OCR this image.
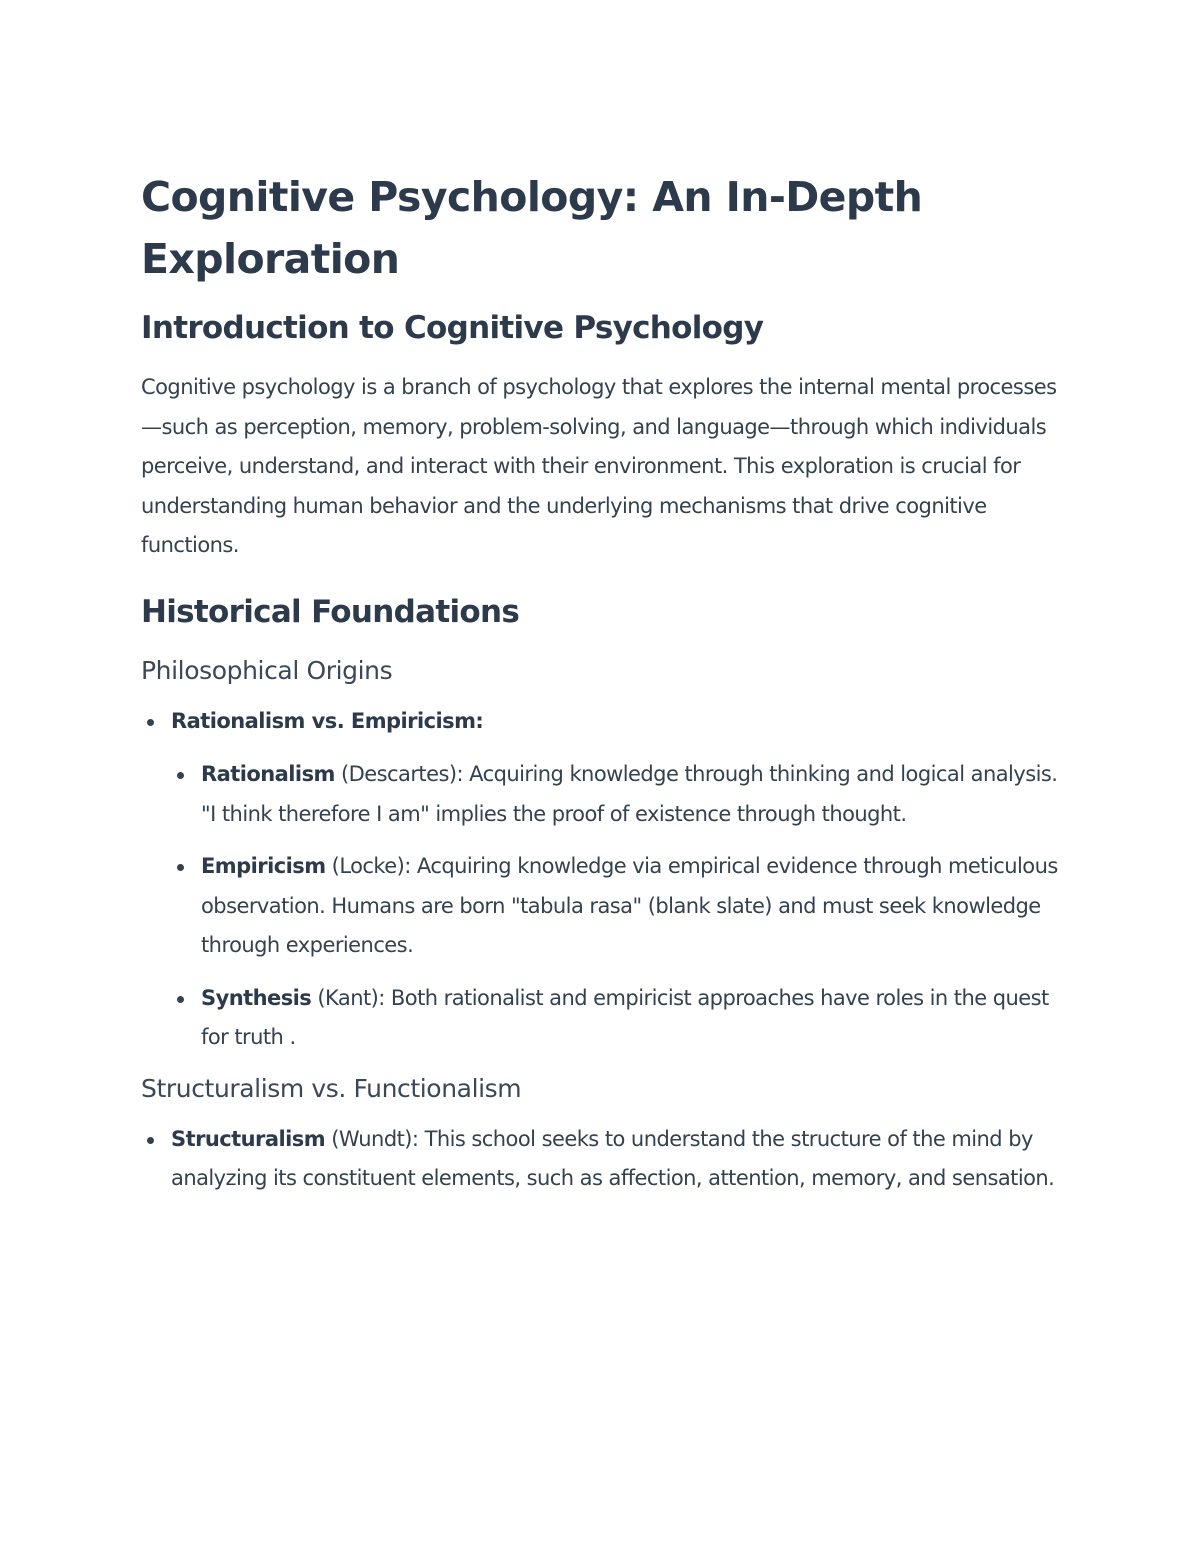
Cognitive Psychology: An In-Depth Exploration
Introduction to Cognitive Psychology

Cognitive psychology is a branch of psychology that explores the internal mental processes—such as perception, memory, problem-solving, and language—through which individuals perceive, understand, and interact with their environment. This exploration is crucial for understanding human behavior and the underlying mechanisms that drive cognitive functions.

Historical Foundations
Philosophical Origins
Rationalism vs. Empiricism:
Rationalism (Descartes): Acquiring knowledge through thinking and logical analysis. "I think therefore I am" implies the proof of existence through thought.
Empiricism (Locke): Acquiring knowledge via empirical evidence through meticulous observation. Humans are born "tabula rasa" (blank slate) and must seek knowledge through experiences.
Synthesis (Kant): Both rationalist and empiricist approaches have roles in the quest for truth .
Structuralism vs. Functionalism
Structuralism (Wundt): This school seeks to understand the structure of the mind by analyzing its constituent elements, such as affection, attention, memory, and sensation.
